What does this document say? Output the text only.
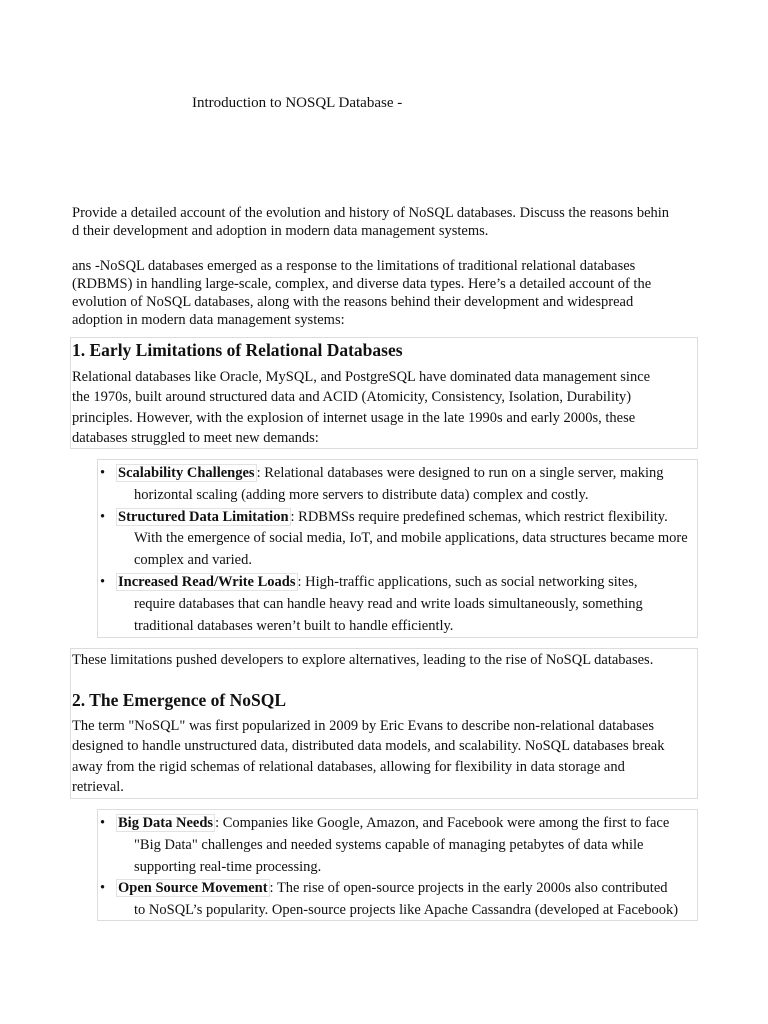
Introduction to NOSQL Database -
Provide a detailed account of the evolution and history of NoSQL databases. Discuss the reasons behin
d their development and adoption in modern data management systems.
ans -NoSQL databases emerged as a response to the limitations of traditional relational databases
(RDBMS) in handling large-scale, complex, and diverse data types. Here’s a detailed account of the
evolution of NoSQL databases, along with the reasons behind their development and widespread
adoption in modern data management systems:
1. Early Limitations of Relational Databases
Relational databases like Oracle, MySQL, and PostgreSQL have dominated data management since
the 1970s, built around structured data and ACID (Atomicity, Consistency, Isolation, Durability)
principles. However, with the explosion of internet usage in the late 1990s and early 2000s, these
databases struggled to meet new demands:
• Scalability Challenges : Relational databases were designed to run on a single server, making
horizontal scaling (adding more servers to distribute data) complex and costly.
• Structured Data Limitation : RDBMSs require predefined schemas, which restrict flexibility.
With the emergence of social media, IoT, and mobile applications, data structures became more
complex and varied.
• Increased Read/Write Loads : High-traffic applications, such as social networking sites,
require databases that can handle heavy read and write loads simultaneously, something
traditional databases weren’t built to handle efficiently.
These limitations pushed developers to explore alternatives, leading to the rise of NoSQL databases.
2. The Emergence of NoSQL
The term "NoSQL" was first popularized in 2009 by Eric Evans to describe non-relational databases
designed to handle unstructured data, distributed data models, and scalability. NoSQL databases break
away from the rigid schemas of relational databases, allowing for flexibility in data storage and
retrieval.
• Big Data Needs : Companies like Google, Amazon, and Facebook were among the first to face
"Big Data" challenges and needed systems capable of managing petabytes of data while
supporting real-time processing.
• Open Source Movement : The rise of open-source projects in the early 2000s also contributed
to NoSQL’s popularity. Open-source projects like Apache Cassandra (developed at Facebook)
